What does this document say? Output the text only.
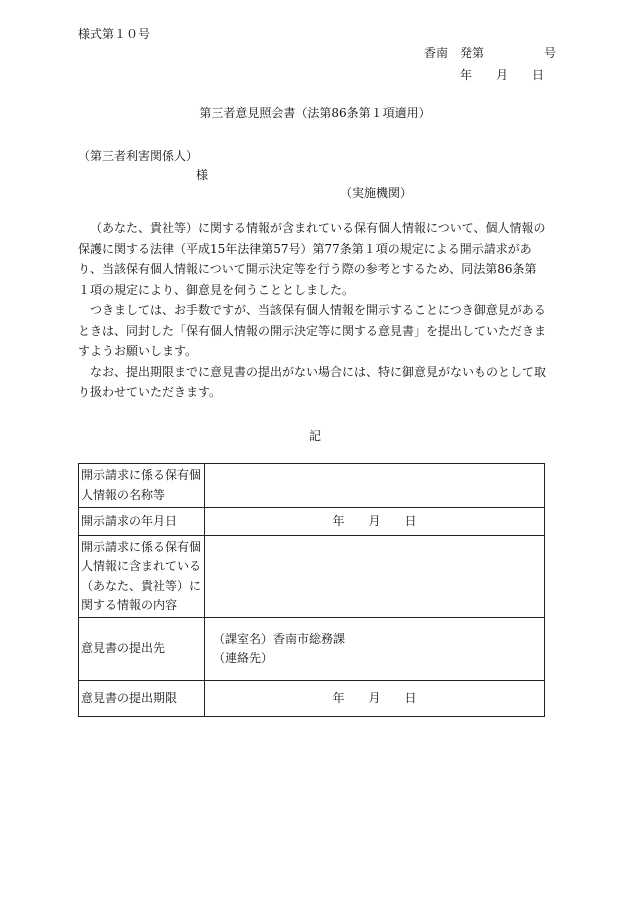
様式第１０号
香南　発第　　　　　号
年　　月　　日
第三者意見照会書（法第86条第１項適用）
（第三者利害関係人）
様
（実施機関）

（あなた、貴社等）に関する情報が含まれている保有個人情報について、個人情報の保護に関する法律（平成15年法律第57号）第77条第１項の規定による開示請求があり、当該保有個人情報について開示決定等を行う際の参考とするため、同法第86条第１項の規定により、御意見を伺うこととしました。

つきましては、お手数ですが、当該保有個人情報を開示することにつき御意見があるときは、同封した「保有個人情報の開示決定等に関する意見書」を提出していただきますようお願いします。

なお、提出期限までに意見書の提出がない場合には、特に御意見がないものとして取り扱わせていただきます。

記
開示請求に係る保有個人情報の名称等	
開示請求の年月日	年　　月　　日
開示請求に係る保有個人情報に含まれている（あなた、貴社等）に関する情報の内容	
意見書の提出先	（課室名）香南市総務課
（連絡先）

意見書の提出期限	年　　月　　日
